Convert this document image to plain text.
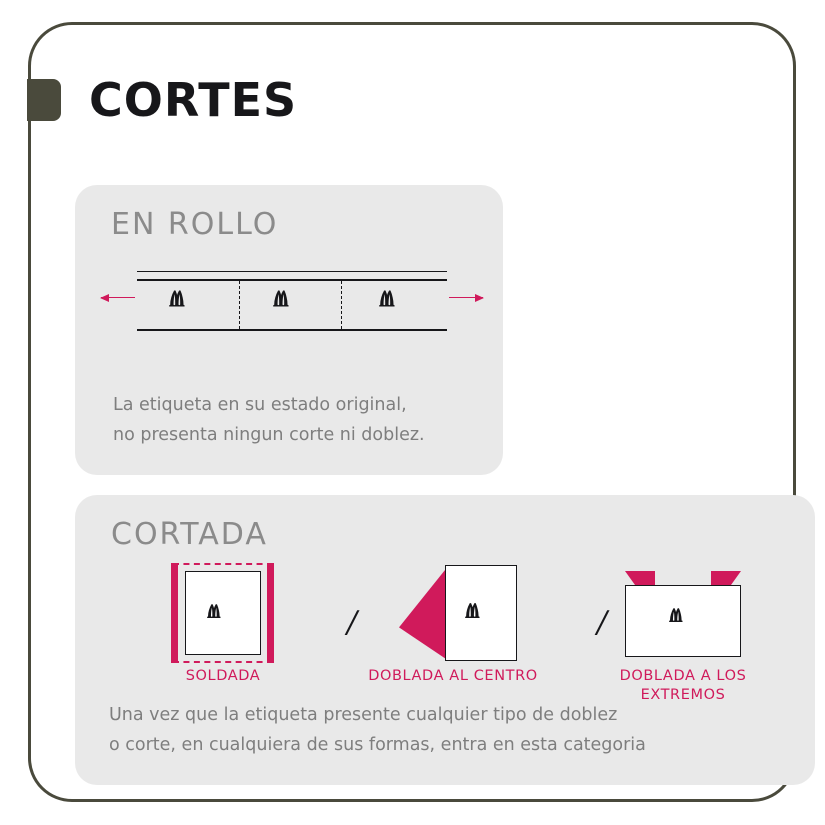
CORTES
EN ROLLO
ⱞ	ⱞ	ⱞ
La etiqueta en su estado original,
no presenta ningun corte ni doblez.
CORTADA
ⱞ
SOLDADA
/	ⱞ
DOBLADA AL CENTRO
/ ⱞ
DOBLADA A LOS
EXTREMOS
Una vez que la etiqueta presente cualquier tipo de doblez
o corte, en cualquiera de sus formas, entra en esta categoria
